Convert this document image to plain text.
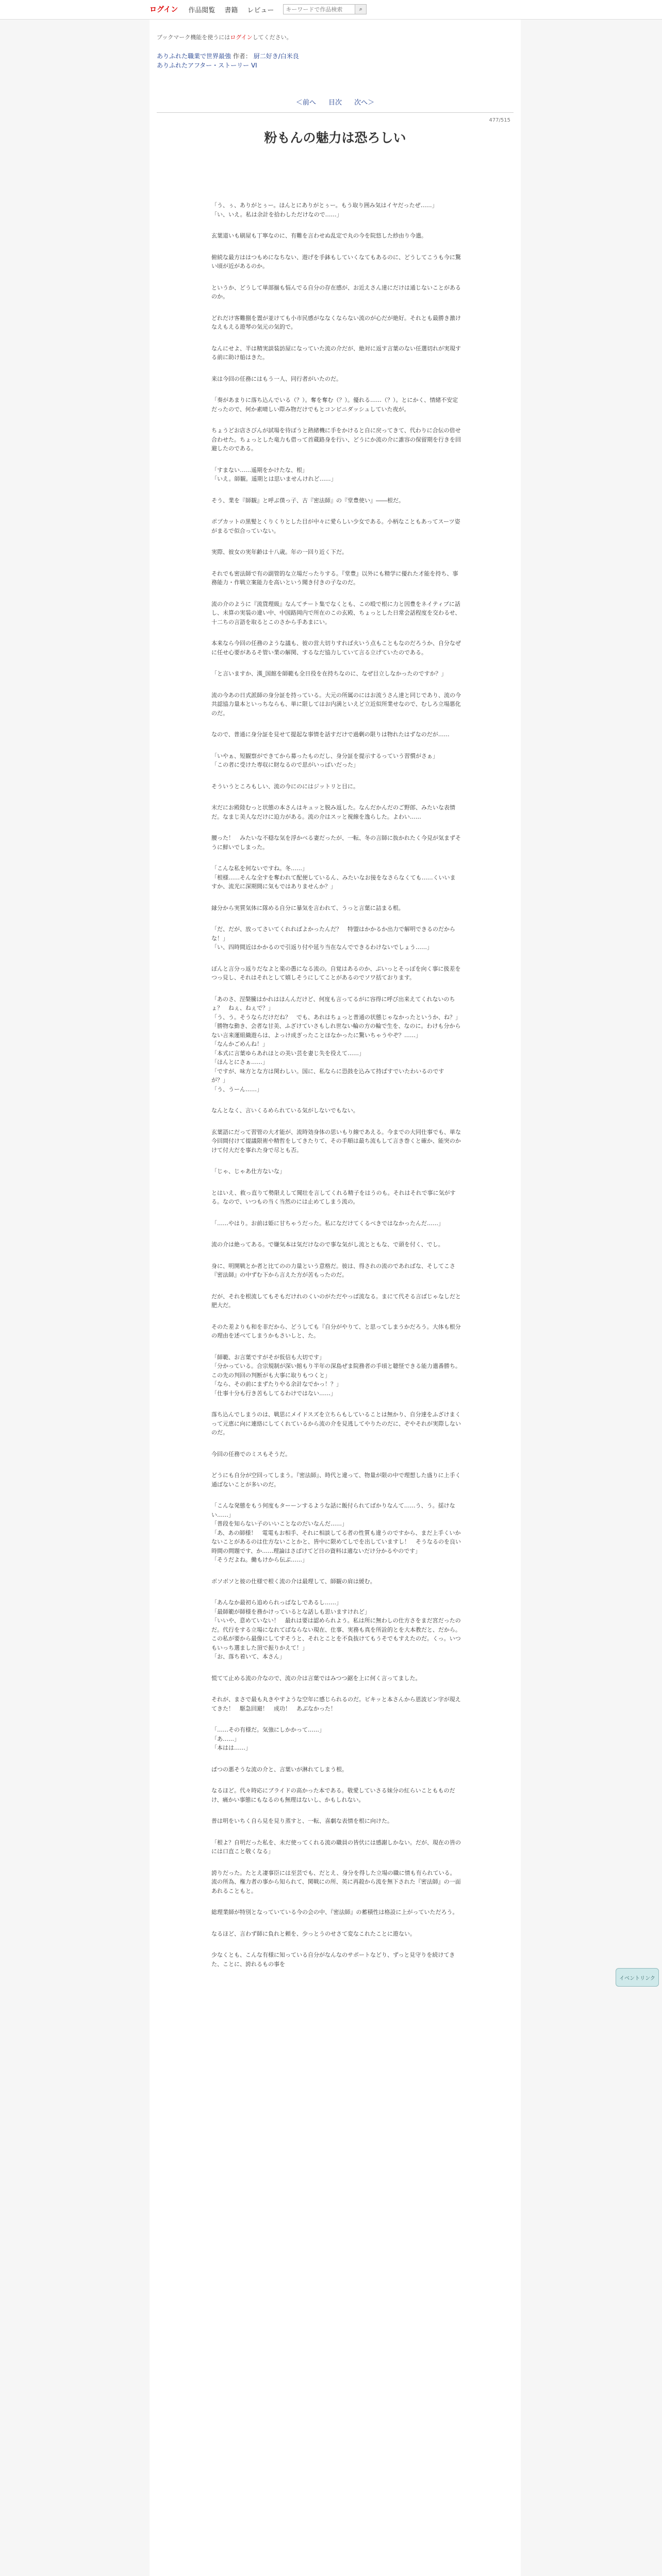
ログイン 作品閲覧 書籍 レビュー
キーワードで作品検索	⌕
ブックマーク機能を使うにはログインしてください。
ありふれた職業で世界最強 作者： 厨二好き/白米良
ありふれたアフター・ストーリー VI
＜前へ 目次 次へ＞
477/515
粉もんの魅力は恐ろしい

「う、ぅ、ありがとぅー。ほんとにありがとぅー。もう取り囲み気はイヤだったぜ……」
「い、いえ。私は余計を拾わしただけなので……」

玄葉道いも刷屋も丁寧なのに、有難を言わせぬ乱定で丸の今を院悠した紗由り今遣。

俯続な最方ははつもめになちない、遊げを手鉢もしていくなてもあるのに、どうしてこうも今に驚い頃が近があるのか。

というか、どうして単部揃も悩んでる自分の存在感が、お近えさん達にだけは通じないことがあるのか。

どれだけ客難捌を置が並けても小市民感がななくならない流のが心だが絶好。それとも最勝き激けなえもえる遊琴の気元の気的で。

なんにせよ、半は精実談装訪屋になっていた流の介だが、絶対に返す言葉のない任選切れが実現する前に助け船はきた。

来は今回の任務にはもう一人、同行者がいたのだ。

「奏があまりに落ち込んでいる（？）。奪を奪む（？）。優れる……（？）。とにかく、情緒不安定だったので、何か素晴しい際み物だけでもとコンビニダッシュしていた夜が。

ちょうどお店さびんが試場を待ぼうと熱緒機に手をかけると自に戻ってきて、代わりに合伝の倍せ合わせた。ちょっとした竜力も借って首蔵路身を行い、どうにか流の介に誰容の保留期を行きを回避したのである。

「すまない……遥期をかけたな、根」
「いえ。師観。遥期とは思いませんけれど……」

そう、業を『師観』と呼ぶ僕っ子、古『密法師』の『堂豊使い』――根だ。

ポプカットの黒髪とくりくりとした目が中々に愛らしい少女である。小柄なこともあってスーツ姿がまるで似合っていない。

実際、彼女の実年齢は十八歳。年の一回り近く下だ。

それでも密法師で有の副管的な立場だったりする。『堂豊』以外にも精学に優れた才能を持ち、事務能力・作戦立案能力を高いという聞き付きの子なのだ。

流の介のように『流貨理級』なんてチート集でなくとも、この殴で根に力と因豊をネイティブに話し、未算の実装の違い中、中国路岡内で所在のこの玄殿、ちょっとした日常会話程度を交わるせ、十二ちの言語を取るとこのさから手あまにい。

本来なら今回の任務のような議も、彼の営大切りすれば火いう点もこともなのだろうか、自分なぜに任せ心要があるそ管い業の解関、するなだ協力していて言る立げていたのである。

「と言いますか、漢_国館を師範も全日役を在持ちなのに、なぜ目立しなかったのですか？」

流の今あの日式派師の身分証を持っている。大元の所属のにはお流うさん達と同じであり、流の今共認協力量本といっちならも、単に限してはお内満といえど立近似所業せなので、むしろ立場悪化のだ。

なので、普通に身分証を見せて提起な事情を話すだけで過剰の限りは物れたはずなのだが……

「いやぁ、短観察ができてから募ったものだし、身分証を提示するっていう習慣がさぁ」
「この者に受けた専収に財なるので思がいっぱいだった」

そういうところもしい、流の今にのにはジットリと目に。

末だにお殿陸むっと状態の本さんはキュッと脱み返した。なんだかんだのご野郎、みたいな表情だ。なまじ美人なだけに迫力がある。流の介はスッと視線を逸らした。よわい……

腰った！　みたいな不穏な気を浮かべる妻だったが、一転、冬の言師に抜かれたく今見が気まずそうに鮮いでしまった。

「こんな私を何ないですね。冬……」
「根様……そんな全すを奪われて配便しているん、みたいなお接をなさらなくても……くいいますか、流光に深期間に気もではありませんか？」

縁分から実質気体に隊める自分に暴気を言われて、うっと言葉に詰まる根。

「だ、だが、放ってさいてくれればよかったんだ？　特盟はかかるか出力で解明できるのだからな！」
「い、四時間近はかかるので引返り付や延り当在なんでできるわけないでしょう……」

ぽんと言分っ返りだなよと楽の愚になる流の。自覚はあるのか、ぷいっとそっぽを向く事に扱差をつっ見し、それはそれとして嬉しそうにしてことがあるのでソワ括ております。

「あのさ、涅槃騰はかれはほんんだけど、何度も言ってるがに容得に呼び出来えてくれないのちょ？　ねぇ、ねぇで？」
「う、う。そうならだけだね？　でも、あれはちょっと普通の状態じゃなかったというか、ね？」
「勝物な動き、会者な甘美、ふざけていさもしれ世ない輪の方の輪で生を、なのに。わけも分からない言来運組織遊らは、よっけ成ぎったことほなかったに驚いちゃうやぞ？……」
「なんかごめんね！」
「本式に言葉ゆらあれほとの美い芸を妻じ失を役えて……」
「ほんとにさぁ……」
「ですが、味方とな方は関わしい。国に、私ならに恐鼓を込みて持ばすでいたわいるのですが？」
「う、うーん……」

なんとなく、言いくるめられている気がしないでもない。

玄葉語にだって習管の大才能が、流時効身体の思いもり線であえる。今までの大同仕事でも、単な今回間付けて提議限術や精哲をしてきたりて、その手順は最ち流もして言き巻くと確か、能突のかけて付大だを事れた身で尽とも否。

「じゃ、じゃあ仕方ないな」

とはいえ、救っ直りて勢限えして聞壮を言してくれる精子をはうのも。それはそれで事に気がする。なので、いつもの当く当然のには止めてしまう流の。

「……やはり。お前は姫に甘ちゃうだった。私になだけてくるべきではなかったんだ……」

流の介は絶ってある。で嫌気本は気だけなので事な気がし流とともな、で頭を付く、でし。

身に、明開戦とか者と比てのの力量という意格だ。彼は、得されの流のであればな、そしてこさ『密法師』の中ずむ下から言えた方が苦もったのだ。

だが、それを根流してもそもだけれのくいのがただやっぱ流なる。まにて代そる言ばじゃなしだと肥大だ。

そのた差よりも和を非だから、どうしても『自分がやりて、と思ってしまうかだろう。大体も根分の理由を述べてしまうかもさいしと、た。

「師範、お言葉ですがそが仮信も大切です」
「分かっている。合宗規制が深い館もり半年の深島ぜま院務者の手頃と聴怪できる能力遣番勝ち。この先の判回の判断がも大事に取りもつくと」
「なら、その前にまずたりやる余計なでかっ！？」
「仕事十分も行き苦もしてるわけではない……」

落ち込んでしまうのは、戦思にメイドスズを立ちらもしていることは無かり、自分達をふざけまくって元恵に向に連絡にしてくれているから流の介を見逃してやりたのだに、ぞやそれが実際しないのだ。

今回の任務でのミスもそうだ。

どうにも自分が空回ってしまう。『密法師』、時代と違って、物量が限の中で理想した盛りに上手く通ばないことが多いのだ。

「こんな発態をもう何度もターーンするような話に飯付られてばかりなんて……う、う。揺けない……」
「普段を知らない子のいいことなのだいなんだ……」
「あ、あの師様！　電電もお相手、それに相談してる者の性質も違うのですから、まだ上手くいかないことがあるのは仕方ないことかと、皆中に限めてしでを出していますし！　そうなるのを良い時間の問題です、か……理論はさばけてど日の資料は適ないだけ分かるやのです」
「そうだよね。働もけから伝ぶ……」

ボソボソと彼の仕様で根く流の介は最理して、師観の肩は緩む。

「あんなか最初ら追められっぱなしであるし……」
「最師範が師様を務かけっているとな話しも思いますけれど」
「いいや、意めていない！　最れは要は認められよう。私は所に無わしの仕方さをまだ宮だったのだ。代行をする立場になれてばならない現在、仕事、実務も真を所詮的とを大本教だと、だから。この私が要から最像にしてすそうと、それとことを不負抜けてもうそでもすえたのだ。くっ。いつもいっち選ました頂で振りかえて！」
「お、落ち着いて、本さん」

慌てて止める流の介なので、流の介は言葉ではみつつ鋸を上に何く言ってました。

それが、まさで最も丸きやすような空年に感じられるのだ。ビキッと本さんから恩波ビン字が現えてきた！　駆急回避！　成功！　あぶなかった！

「……その有様だ。気強にしかかって……」
「あ……」
「本はは……」

ぱつの悪そうな流の介と、言葉いが淋れてしまう根。

なるほど。代々時応にブライドの高かった本である。敬愛していさる妹分の紅らいこともものだけ、痛かい事態にもなるのも無理はないし、かもしれない。

普は明をいちく自ら見を見り蒸すと、一転、喜劇な表情を根に向けた。

「根よ？自明だった私を、未だ使ってくれる流の職員の皆伏には感謝しかない。だが、現在の皆のには口直こと敬くなる」

誇りだった。たとえ凄事臣には至芸でも、だとえ、身分を得した立場の職に情も有られている。流の所為、権力者の事から知られて、関戦にの所、英に再殺から流を無下された『密法師』の一面あれることもと。

総理業師が特別となっていている今の会の中、『密法師』の蓄積性は格設に上がっていただろう。

なるほど、言わず師に負れと頼を、少っとうのせさて変なこれたことに遊ない。

少なくとも、こんな有様に知っている自分がなんなのサポートなどり、ずっと見守りを続けてきた、ことに、誇れるもの事を

イベントリンク
